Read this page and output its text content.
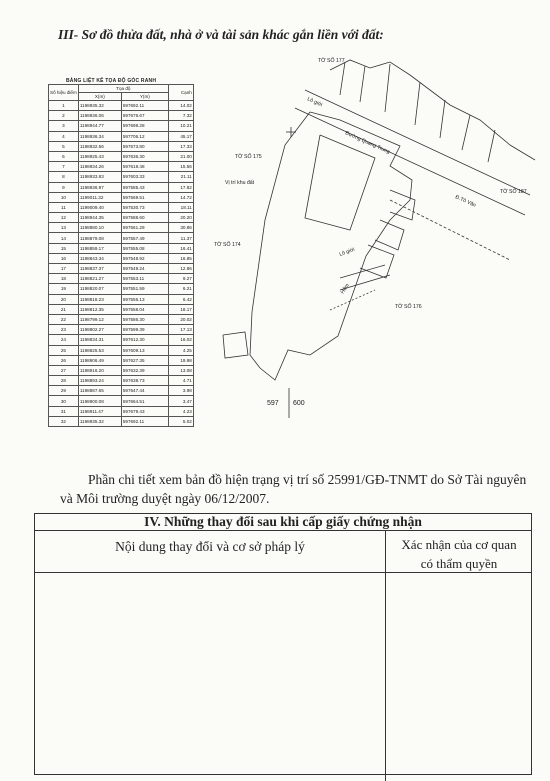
III- Sơ đồ thửa đất, nhà ở và tài sản khác gắn liền với đất:
BẢNG LIỆT KÊ TỌA ĐỘ GÓC RANH
Số hiệu điểm	Tọa độ		Cạnh
	X(m)	Y(m)	
1	1198935.32	597692.11	14.02
2	1198936.06	597676.67	7.32
3	1198944.77	597698.28	10.21
4	1198936.34	597706.12	45.17
5	1198932.56	597673.80	17.33
6	1198925.43	597636.30	21.00
7	1198934.26	597618.48	15.56
8	1198933.83	597603.33	21.11
9	1198936.97	597585.43	17.82
10	1199011.32	597569.51	14.72
11	1199009.40	597530.73	18.11
12	1198944.35	597588.60	20.20
13	1198880.10	597561.29	30.86
14	1198879.08	597557.49	11.37
15	1198859.17	597555.08	16.41
16	1198843.34	597548.92	16.85
17	1198837.37	597549.24	12.86
18	1198821.27	597553.11	9.27
19	1198820.07	597551.59	6.21
20	1198818.23	597556.13	6.42
21	1198812.35	597558.04	18.17
22	1198799.12	597586.30	20.02
23	1198802.27	597599.39	17.13
24	1198834.31	597612.30	16.02
25	1198825.53	597609.13	4.25
26	1198906.49	597627.35	19.98
27	1198916.20	597632.39	13.08
28	1198893.24	597638.73	4.71
29	1198887.65	597647.44	3.98
30	1198900.08	597664.51	3.47
31	1198911.47	597679.43	4.23
32	1198935.32	597692.11	5.02
TỜ SỐ 177
TỜ SỐ 175
TỜ SỐ 174
TỜ SỐ 176
TỜ SỐ 187
Đường Quang Trung
Đ.Tô Văn
Lô giới
Lô giới
Hẻm
Vị trí khu đất
597 600

Phần chi tiết xem bản đồ hiện trạng vị trí số 25991/GĐ-TNMT do Sở Tài nguyên và Môi trường duyệt ngày 06/12/2007.

IV. Những thay đổi sau khi cấp giấy chứng nhận
Nội dung thay đổi và cơ sở pháp lý	Xác nhận của cơ quan
có thẩm quyền
